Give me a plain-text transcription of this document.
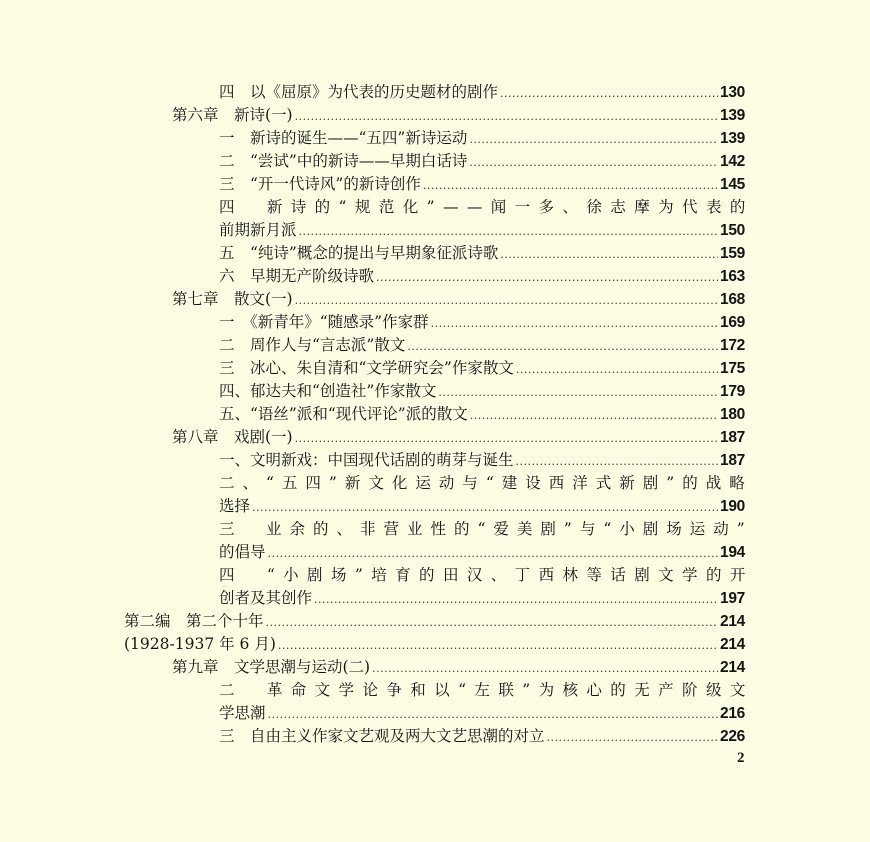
四　以《屈原》为代表的历史题材的剧作 .....	130
第六章　新诗(一) .....	139
一　新诗的诞生——“五四”新诗运动 .....	139
二　“尝试”中的新诗——早期白话诗 .....	142
三　“开一代诗风”的新诗创作 .....	145
四　新诗的“规范化”——闻一多、徐志摩为代表的
前期新月派 .....	150
五　“纯诗”概念的提出与早期象征派诗歌 .....	159
六　早期无产阶级诗歌 .....	163
第七章　散文(一) .....	168
一　《新青年》“随感录”作家群 .....	169
二　周作人与“言志派”散文 .....	172
三　冰心、朱自清和“文学研究会”作家散文 .....	175
四、郁达夫和“创造社”作家散文 .....	179
五、“语丝”派和“现代评论”派的散文 .....	180
第八章　戏剧(一) .....	187
一、文明新戏：中国现代话剧的萌芽与诞生 .....	187
二、“五四”新文化运动与“建设西洋式新剧”的战略
选择 .....	190
三　业余的、非营业性的“爱美剧”与“小剧场运动”
的倡导 .....	194
四　“小剧场”培育的田汉、丁西林等话剧文学的开
创者及其创作 .....	197
第二编　第二个十年 .....	214
(1928-1937 年 6 月) .....	214
第九章　文学思潮与运动(二) .....	214
二　革命文学论争和以“左联”为核心的无产阶级文
学思潮 .....	216
三　自由主义作家文艺观及两大文艺思潮的对立 .....	226
2
